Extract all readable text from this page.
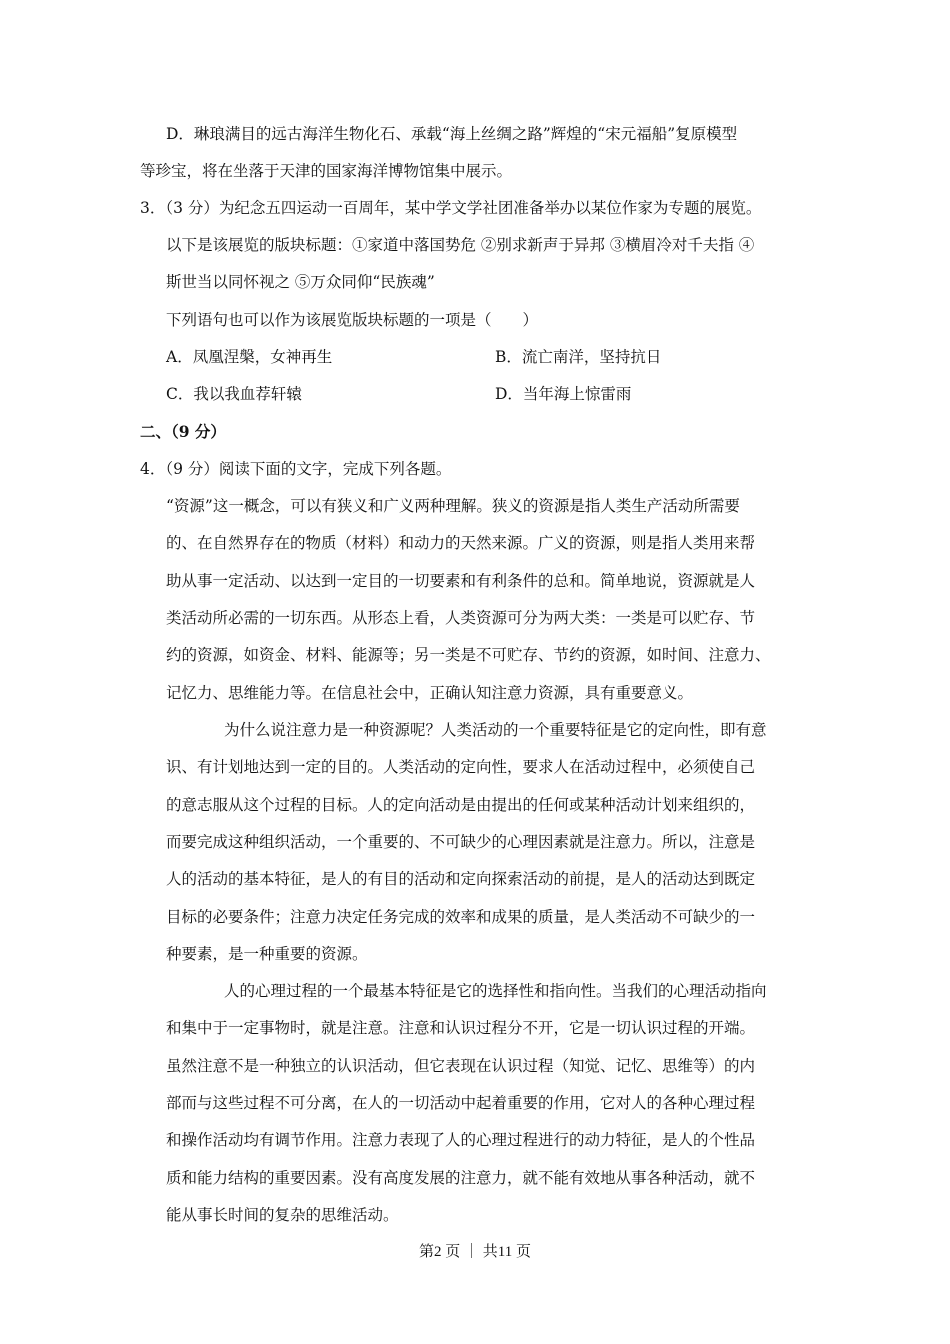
D．琳琅满目的远古海洋生物化石、承载“海上丝绸之路”辉煌的“宋元福船”复原模型
等珍宝，将在坐落于天津的国家海洋博物馆集中展示。
3．（3 分）为纪念五四运动一百周年，某中学文学社团准备举办以某位作家为专题的展览。
以下是该展览的版块标题：①家道中落国势危 ②别求新声于异邦 ③横眉冷对千夫指 ④
斯世当以同怀视之 ⑤万众同仰“民族魂”
下列语句也可以作为该展览版块标题的一项是（　　）
A．凤凰涅槃，女神再生	B．流亡南洋，坚持抗日
C．我以我血荐轩辕	D．当年海上惊雷雨
二、（9 分）
4．（9 分）阅读下面的文字，完成下列各题。
“资源”这一概念，可以有狭义和广义两种理解。狭义的资源是指人类生产活动所需要
的、在自然界存在的物质（材料）和动力的天然来源。广义的资源，则是指人类用来帮
助从事一定活动、以达到一定目的一切要素和有利条件的总和。简单地说，资源就是人
类活动所必需的一切东西。从形态上看，人类资源可分为两大类：一类是可以贮存、节
约的资源，如资金、材料、能源等；另一类是不可贮存、节约的资源，如时间、注意力、
记忆力、思维能力等。在信息社会中，正确认知注意力资源，具有重要意义。
为什么说注意力是一种资源呢？人类活动的一个重要特征是它的定向性，即有意
识、有计划地达到一定的目的。人类活动的定向性，要求人在活动过程中，必须使自己
的意志服从这个过程的目标。人的定向活动是由提出的任何或某种活动计划来组织的，
而要完成这种组织活动，一个重要的、不可缺少的心理因素就是注意力。所以，注意是
人的活动的基本特征，是人的有目的活动和定向探索活动的前提，是人的活动达到既定
目标的必要条件；注意力决定任务完成的效率和成果的质量，是人类活动不可缺少的一
种要素，是一种重要的资源。
人的心理过程的一个最基本特征是它的选择性和指向性。当我们的心理活动指向
和集中于一定事物时，就是注意。注意和认识过程分不开，它是一切认识过程的开端。
虽然注意不是一种独立的认识活动，但它表现在认识过程（知觉、记忆、思维等）的内
部而与这些过程不可分离，在人的一切活动中起着重要的作用，它对人的各种心理过程
和操作活动均有调节作用。注意力表现了人的心理过程进行的动力特征，是人的个性品
质和能力结构的重要因素。没有高度发展的注意力，就不能有效地从事各种活动，就不
能从事长时间的复杂的思维活动。
第2 页 ｜ 共11 页
